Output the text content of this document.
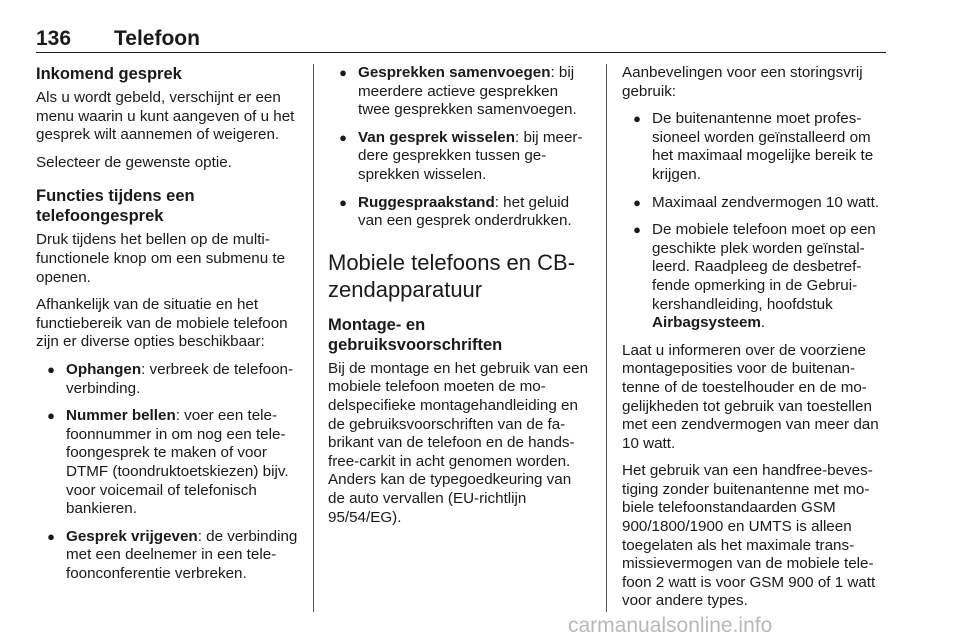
136 Telefoon
Inkomend gesprek

Als u wordt gebeld, verschijnt er een menu waarin u kunt aangeven of u het gesprek wilt aannemen of weigeren.

Selecteer de gewenste optie.

Functies tijdens een telefoongesprek

Druk tijdens het bellen op de multi-functionele knop om een submenu te openen.

Afhankelijk van de situatie en het functiebereik van de mobiele telefoon zijn er diverse opties beschikbaar:

● Ophangen: verbreek de telefoon-verbinding.
● Nummer bellen: voer een tele-foonnummer in om nog een tele-foongesprek te maken of voor DTMF (toondruktoetskiezen) bijv. voor voicemail of telefonisch bankieren.
● Gesprek vrijgeven: de verbinding met een deelnemer in een tele-foonconferentie verbreken.
● Gesprekken samenvoegen: bij meerdere actieve gesprekken twee gesprekken samenvoegen.
● Van gesprek wisselen: bij meer-dere gesprekken tussen ge-sprekken wisselen.
● Ruggespraakstand: het geluid van een gesprek onderdrukken.
Mobiele telefoons en CB-zendapparatuur
Montage- en gebruiksvoorschriften

Bij de montage en het gebruik van een mobiele telefoon moeten de mo-delspecifieke montagehandleiding en de gebruiksvoorschriften van de fa-brikant van de telefoon en de hands-free-carkit in acht genomen worden. Anders kan de typegoedkeuring van de auto vervallen (EU-richtlijn 95/54/EG).

Aanbevelingen voor een storingsvrij gebruik:

● De buitenantenne moet profes-sioneel worden geïnstalleerd om het maximaal mogelijke bereik te krijgen.
● Maximaal zendvermogen 10 watt.
● De mobiele telefoon moet op een geschikte plek worden geïnstal-leerd. Raadpleeg de desbetref-fende opmerking in de Gebrui-kershandleiding, hoofdstuk Airbagsysteem.

Laat u informeren over de voorziene montageposities voor de buitenan-tenne of de toestelhouder en de mo-gelijkheden tot gebruik van toestellen met een zendvermogen van meer dan 10 watt.

Het gebruik van een handfree-beves-tiging zonder buitenantenne met mo-biele telefoonstandaarden GSM 900/1800/1900 en UMTS is alleen toegelaten als het maximale trans-missievermogen van de mobiele tele-foon 2 watt is voor GSM 900 of 1 watt voor andere types.

carmanualsonline.info
